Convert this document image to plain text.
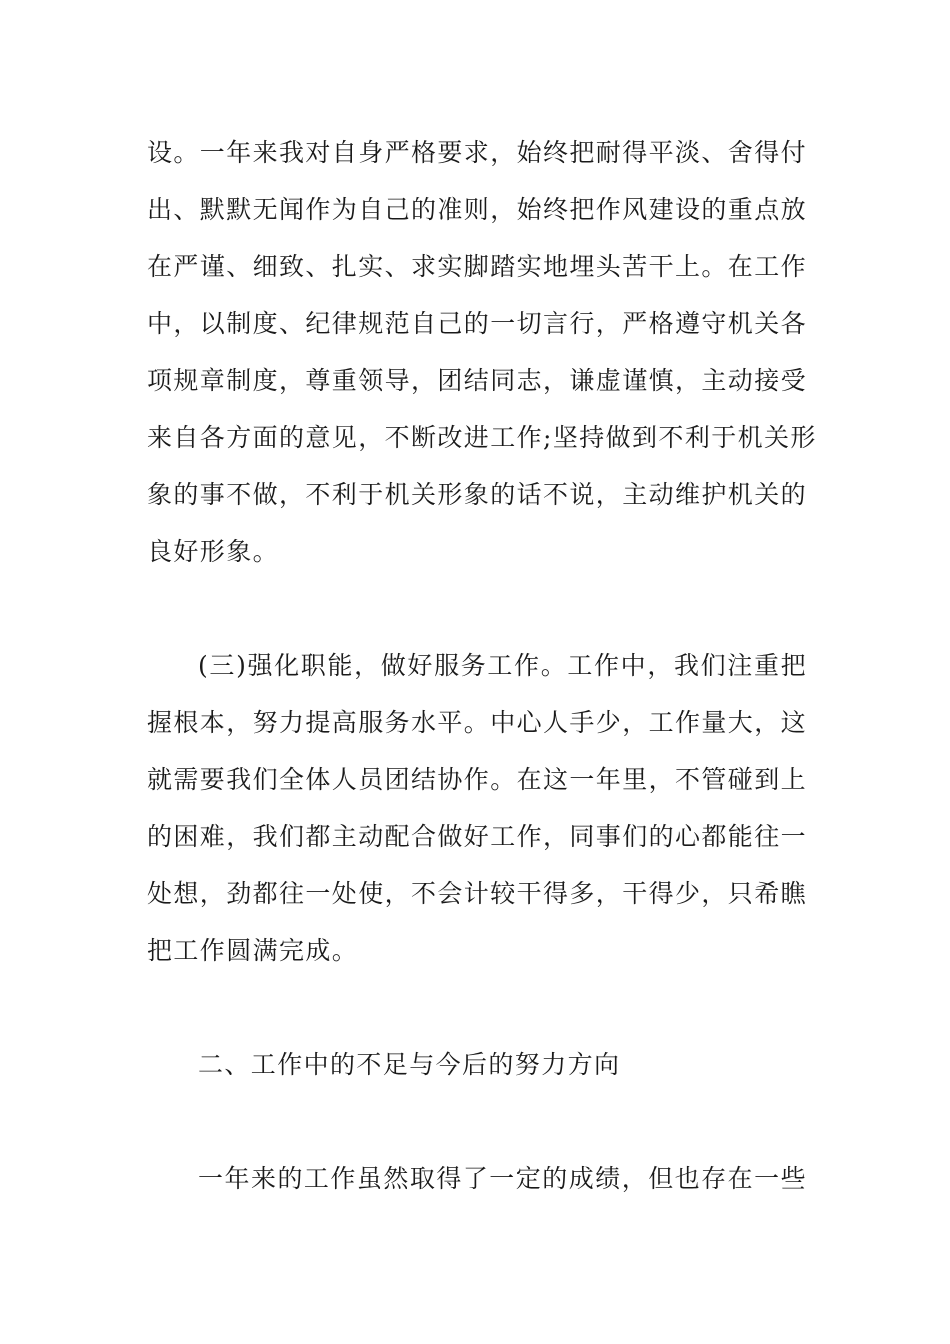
设。一年来我对自身严格要求，始终把耐得平淡、舍得付
出、默默无闻作为自己的准则，始终把作风建设的重点放
在严谨、细致、扎实、求实脚踏实地埋头苦干上。在工作
中，以制度、纪律规范自己的一切言行，严格遵守机关各
项规章制度，尊重领导，团结同志，谦虚谨慎，主动接受
来自各方面的意见，不断改进工作;坚持做到不利于机关形
象的事不做，不利于机关形象的话不说，主动维护机关的
良好形象。
(三)强化职能，做好服务工作。工作中，我们注重把
握根本，努力提高服务水平。中心人手少，工作量大，这
就需要我们全体人员团结协作。在这一年里，不管碰到上
的困难，我们都主动配合做好工作，同事们的心都能往一
处想，劲都往一处使，不会计较干得多，干得少，只希瞧
把工作圆满完成。
二、工作中的不足与今后的努力方向
一年来的工作虽然取得了一定的成绩，但也存在一些
